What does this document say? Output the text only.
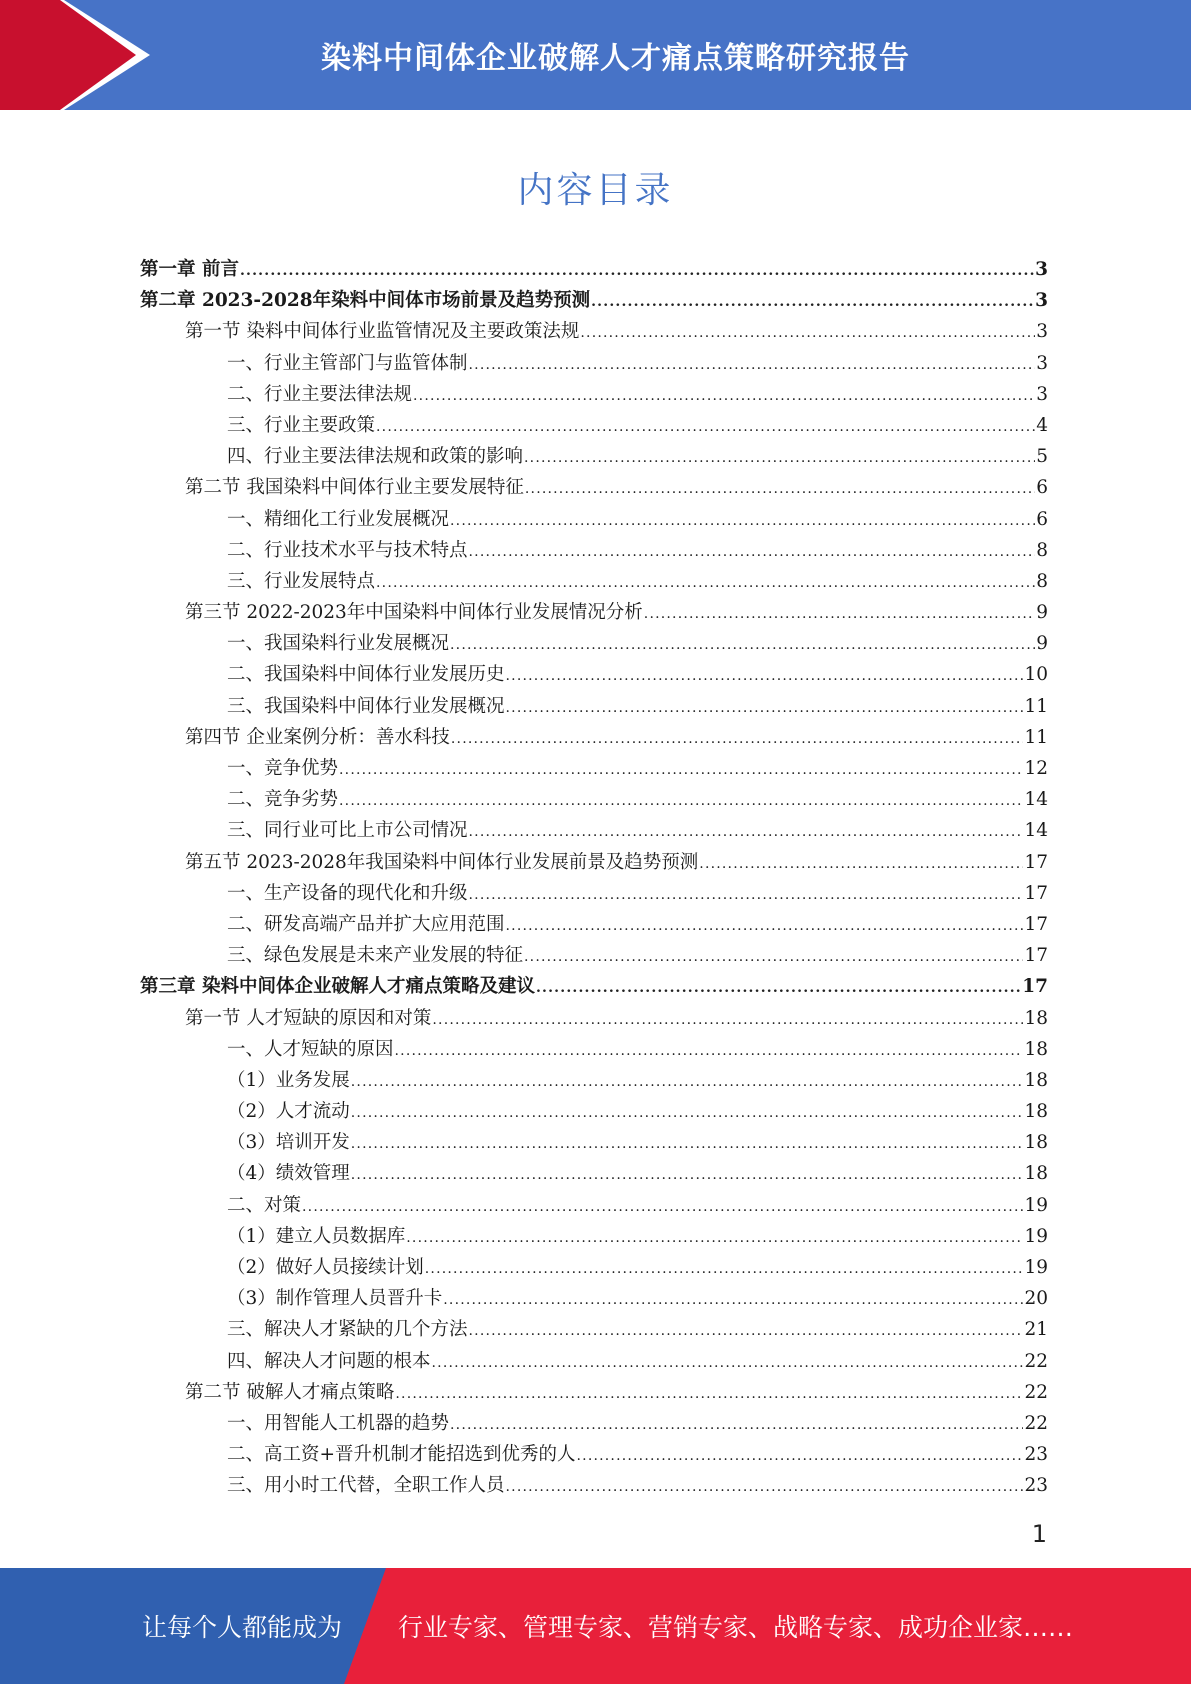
染料中间体企业破解人才痛点策略研究报告
内容目录
第一章 前言 .....	3
第二章 2023-2028年染料中间体市场前景及趋势预测 .....	3
第一节 染料中间体行业监管情况及主要政策法规 .....	3
一、行业主管部门与监管体制 .....	3
二、行业主要法律法规 .....	3
三、行业主要政策 .....	4
四、行业主要法律法规和政策的影响 .....	5
第二节 我国染料中间体行业主要发展特征 .....	6
一、精细化工行业发展概况 .....	6
二、行业技术水平与技术特点 .....	8
三、行业发展特点 .....	8
第三节 2022-2023年中国染料中间体行业发展情况分析 .....	9
一、我国染料行业发展概况 .....	9
二、我国染料中间体行业发展历史 .....	10
三、我国染料中间体行业发展概况 .....	11
第四节 企业案例分析：善水科技 .....	11
一、竞争优势 .....	12
二、竞争劣势 .....	14
三、同行业可比上市公司情况 .....	14
第五节 2023-2028年我国染料中间体行业发展前景及趋势预测 .....	17
一、生产设备的现代化和升级 .....	17
二、研发高端产品并扩大应用范围 .....	17
三、绿色发展是未来产业发展的特征 .....	17
第三章 染料中间体企业破解人才痛点策略及建议 .....	17
第一节 人才短缺的原因和对策 .....	18
一、人才短缺的原因 .....	18
（1）业务发展 .....	18
（2）人才流动 .....	18
（3）培训开发 .....	18
（4）绩效管理 .....	18
二、对策 .....	19
（1）建立人员数据库 .....	19
（2）做好人员接续计划 .....	19
（3）制作管理人员晋升卡 .....	20
三、解决人才紧缺的几个方法 .....	21
四、解决人才问题的根本 .....	22
第二节 破解人才痛点策略 .....	22
一、用智能人工机器的趋势 .....	22
二、高工资+晋升机制才能招选到优秀的人 .....	23
三、用小时工代替，全职工作人员 .....	23
1
让每个人都能成为 行业专家、管理专家、营销专家、战略专家、成功企业家……
